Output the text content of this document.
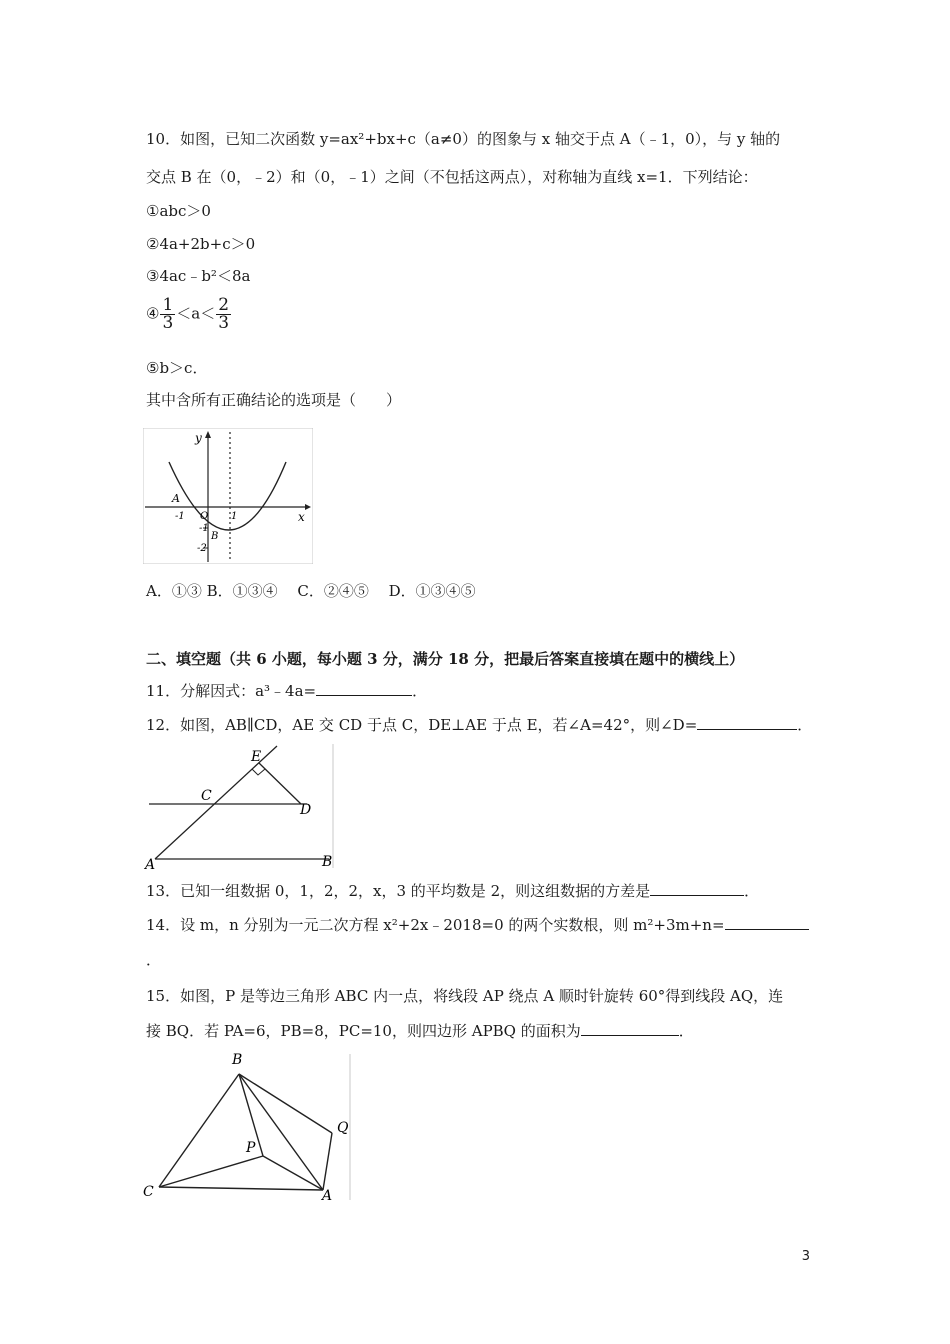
10．如图，已知二次函数 y=ax²+bx+c（a≠0）的图象与 x 轴交于点 A（﹣1，0），与 y 轴的
交点 B 在（0，﹣2）和（0，﹣1）之间（不包括这两点），对称轴为直线 x=1．下列结论：
①abc＞0
②4a+2b+c＞0
③4ac﹣b²＜8a
④ $\frac{1}{3} <a< \frac{2}{3}$
⑤b＞c．
其中含所有正确结论的选项是（　　）
y
x
A
-1 O 1
-1
B
-2
A．①③ B．①③④　 C．②④⑤　 D．①③④⑤
二、填空题（共 6 小题，每小题 3 分，满分 18 分，把最后答案直接填在题中的横线上）
11．分解因式：a³﹣4a=	．
12．如图，AB∥CD，AE 交 CD 于点 C，DE⊥AE 于点 E，若∠A=42°，则∠D=	．
E
C
D
A	B
13．已知一组数据 0，1，2，2，x，3 的平均数是 2，则这组数据的方差是	．
14．设 m，n 分别为一元二次方程 x²+2x﹣2018=0 的两个实数根，则 m²+3m+n=
．
15．如图，P 是等边三角形 ABC 内一点，将线段 AP 绕点 A 顺时针旋转 60°得到线段 AQ，连
接 BQ．若 PA=6，PB=8，PC=10，则四边形 APBQ 的面积为	．
B
Q
P
C	A
3
